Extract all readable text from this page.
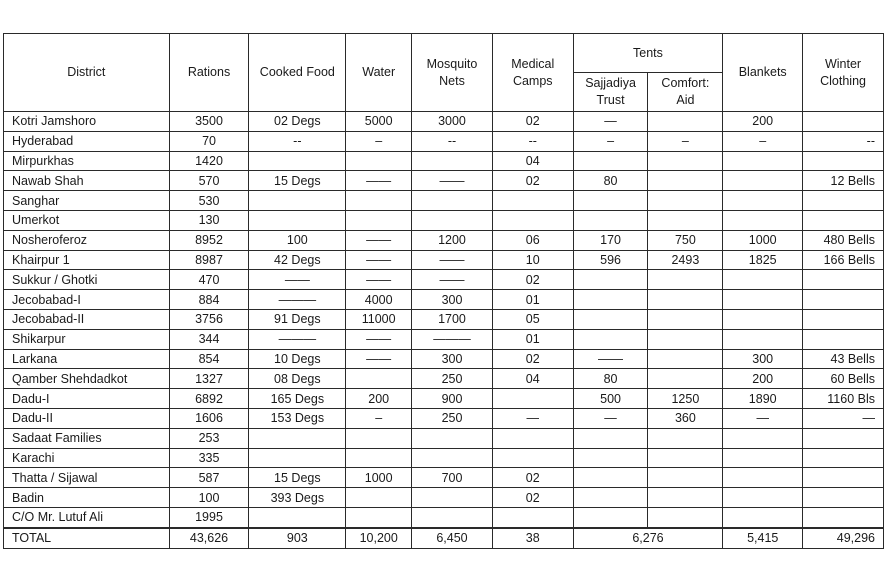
District	Rations	Cooked Food	Water	Mosquito Nets	Medical Camps	Tents		Blankets	Winter Clothing
						Sajjadiya Trust	Comfort: Aid		
Kotri Jamshoro	3500	02 Degs	5000	3000	02	—		200	
Hyderabad	70	--	–	--	--	–	–	–	--
Mirpurkhas	1420				04				
Nawab Shah	570	15 Degs	——	——	02	80			12 Bells
Sanghar	530								
Umerkot	130								
Nosheroferoz	8952	100	——	1200	06	170	750	1000	480 Bells
Khairpur 1	8987	42 Degs	——	——	10	596	2493	1825	166 Bells
Sukkur / Ghotki	470	——	——	——	02				
Jecobabad-I	884	———	4000	300	01				
Jecobabad-II	3756	91 Degs	11000	1700	05				
Shikarpur	344	———	——	———	01				
Larkana	854	10 Degs	——	300	02	——		300	43 Bells
Qamber Shehdadkot	1327	08 Degs		250	04	80		200	60 Bells
Dadu-I	6892	165 Degs	200	900		500	1250	1890	1160 Bls
Dadu-II	1606	153 Degs	–	250	—	—	360	—	—
Sadaat Families	253								
Karachi	335								
Thatta / Sijawal	587	15 Degs	1000	700	02				
Badin	100	393 Degs			02				
C/O Mr. Lutuf Ali	1995								
TOTAL	43,626	903	10,200	6,450	38	6,276		5,415	49,296
